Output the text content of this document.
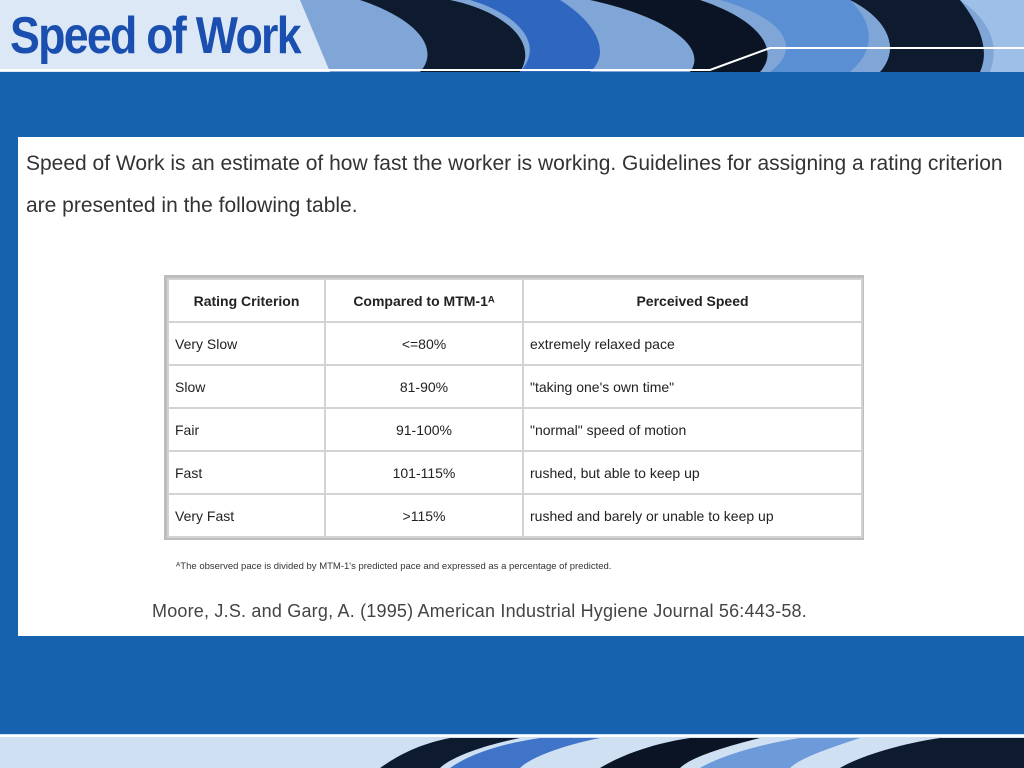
Speed of Work

Speed of Work is an estimate of how fast the worker is working. Guidelines for assigning a rating criterion are presented in the following table.

Rating Criterion	Compared to MTM-1ᴬ	Perceived Speed
Very Slow	<=80%	extremely relaxed pace
Slow	81-90%	"taking one's own time"
Fair	91-100%	"normal" speed of motion
Fast	101-115%	rushed, but able to keep up
Very Fast	>115%	rushed and barely or unable to keep up

ᴬThe observed pace is divided by MTM-1's predicted pace and expressed as a percentage of predicted.

Moore, J.S. and Garg, A. (1995) American Industrial Hygiene Journal 56:443-58.
